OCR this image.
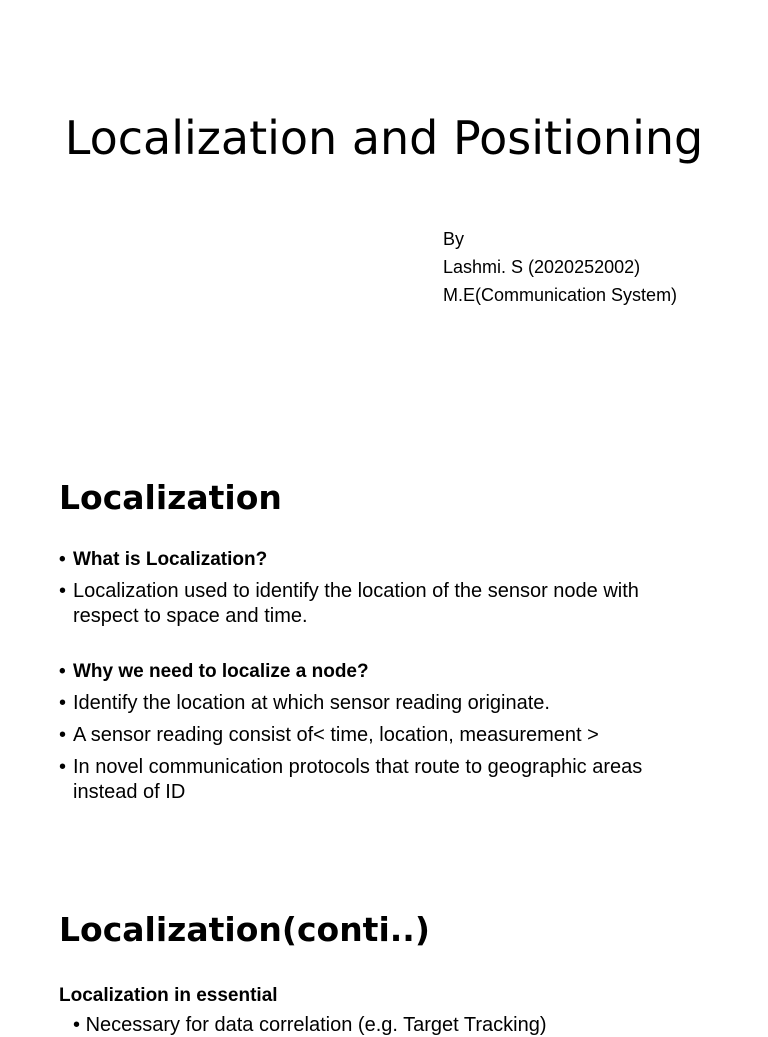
Localization and Positioning
By
Lashmi. S (2020252002)
M.E(Communication System)
Localization
• What is Localization?
• Localization used to identify the location of the sensor node with respect to space and time.
• Why we need to localize a node?
• Identify the location at which sensor reading originate.
• A sensor reading consist of< time, location, measurement >
• In novel communication protocols that route to geographic areas instead of ID
Localization(conti..)
Localization in essential
• Necessary for data correlation (e.g. Target Tracking)
